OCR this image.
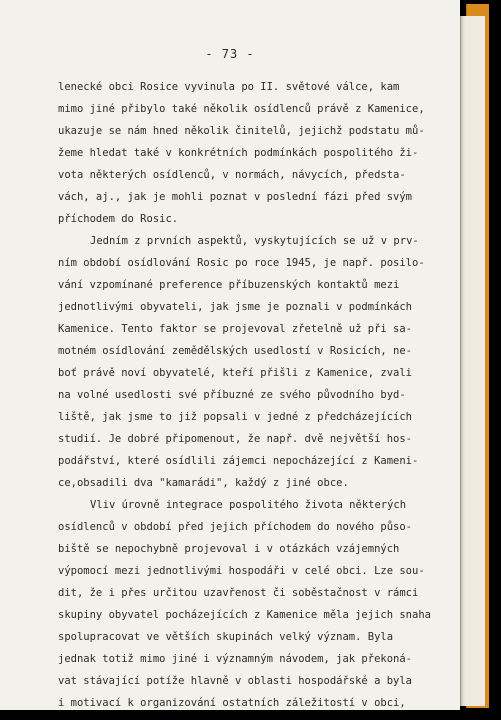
- 73 -
lenecké obci Rosice vyvinula po II. světové válce, kam
mimo jiné přibylo také několik osídlenců právě z Kamenice,
ukazuje se nám hned několik činitelů, jejichž podstatu mů-
žeme hledat také v konkrétních podmínkách pospolitého ži-
vota některých osídlenců, v normách, návycích, předsta-
vách, aj., jak je mohli poznat v poslední fázi před svým
příchodem do Rosic.
Jedním z prvních aspektů, vyskytujících se už v prv-
ním období osídlování Rosic po roce 1945, je např. posilo-
vání vzpomínané preference příbuzenských kontaktů mezi
jednotlivými obyvateli, jak jsme je poznali v podmínkách
Kamenice. Tento faktor se projevoval zřetelně už při sa-
motném osídlování zemědělských usedlostí v Rosicích, ne-
boť právě noví obyvatelé, kteří přišli z Kamenice, zvali
na volné usedlosti své příbuzné ze svého původního byd-
liště, jak jsme to již popsali v jedné z předcházejících
studií. Je dobré připomenout, že např. dvě největší hos-
podářství, které osídlili zájemci nepocházející z Kameni-
ce,obsadili dva "kamarádi", každý z jiné obce.
Vliv úrovně integrace pospolitého života některých
osídlenců v období před jejich příchodem do nového půso-
biště se nepochybně projevoval i v otázkách vzájemných
výpomocí mezi jednotlivými hospodáři v celé obci. Lze sou-
dit, že i přes určitou uzavřenost či soběstačnost v rámci
skupiny obyvatel pocházejících z Kamenice měla jejich snaha
spolupracovat ve větších skupinách velký význam. Byla
jednak totiž mimo jiné i významným návodem, jak překoná-
vat stávající potíže hlavně v oblasti hospodářské a byla
i motivací k organizování ostatních záležitostí v obci,
